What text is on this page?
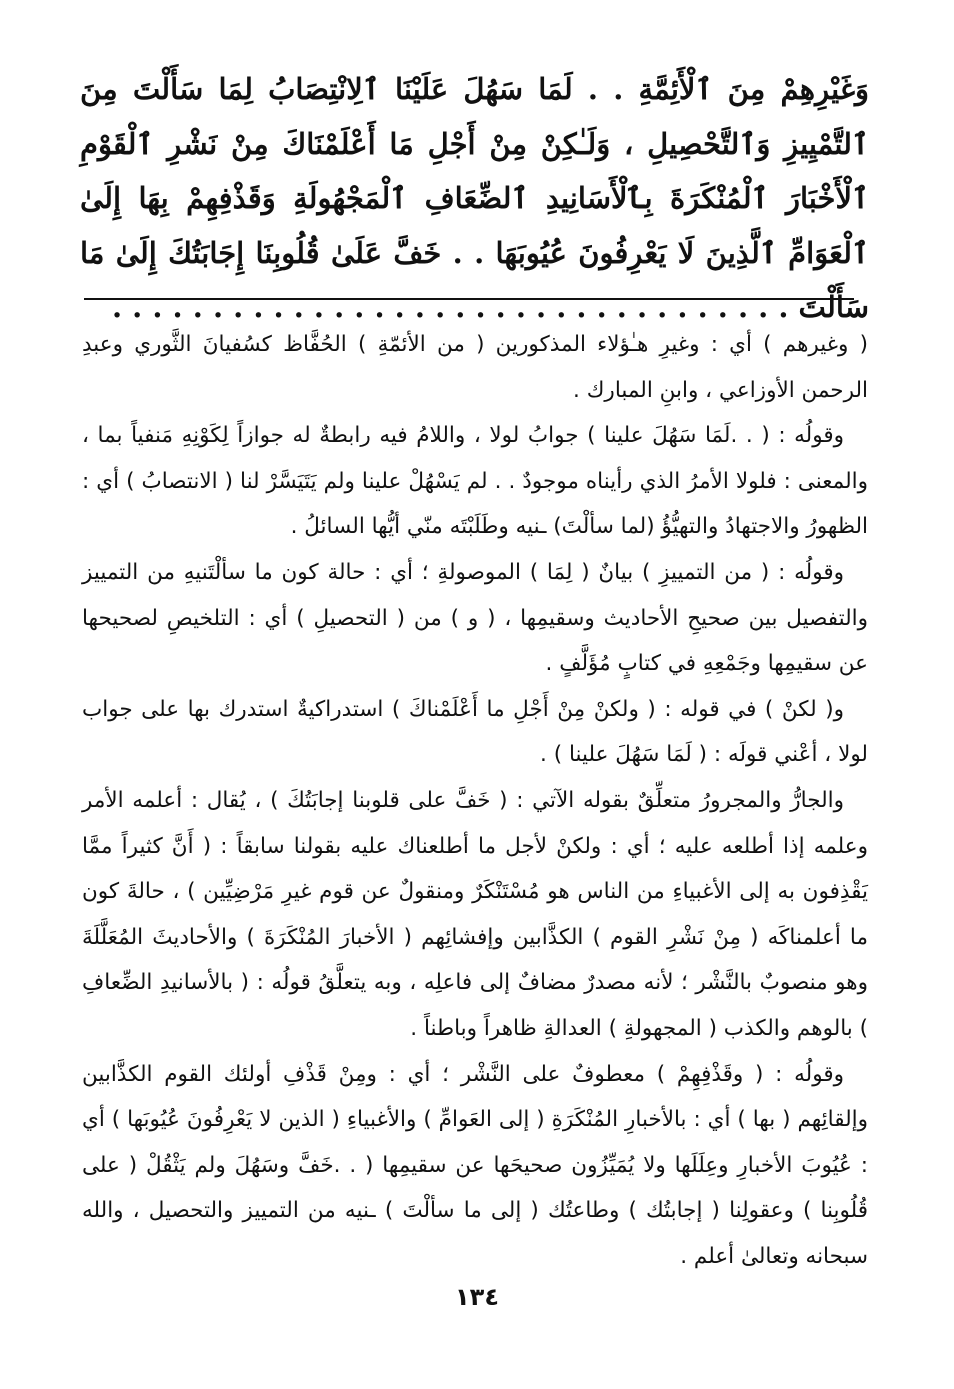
وَغَيْرِهِمْ مِنَ ٱلْأَئِمَّةِ . . لَمَا سَهُلَ عَلَيْنَا ٱلِانْتِصَابُ لِمَا سَأَلْتَ مِنَ ٱلتَّمْيِيزِ وَٱلتَّحْصِيلِ ، وَلَـٰكِنْ مِنْ أَجْلِ مَا أَعْلَمْنَاكَ مِنْ نَشْرِ ٱلْقَوْمِ ٱلْأَخْبَارَ ٱلْمُنْكَرَةَ بِٱلْأَسَانِيدِ ٱلضِّعَافِ ٱلْمَجْهُولَةِ وَقَذْفِهِمْ بِهَا إِلَىٰ ٱلْعَوَامِّ ٱلَّذِينَ لَا يَعْرِفُونَ عُيُوبَهَا . . خَفَّ عَلَىٰ قُلُوبِنَا إِجَابَتُكَ إِلَىٰ مَا سَأَلْتَ . . . . . . . . . . . . . . . . . . . . . . . . . . . . . . . . . .

( وغيرهم ) أي : وغيرِ هـٰؤلاء المذكورين ( من الأئمّةِ ) الحُفَّاظ كسُفيانَ الثَّوري وعبدِ الرحمن الأوزاعي ، وابنِ المبارك .

وقولُه : ( . .لَمَا سَهُلَ علينا ) جوابُ لولا ، واللامُ فيه رابطةٌ له جوازاً لِكَوْنِهِ مَنفياً بما ، والمعنى : فلولا الأمرُ الذي رأيناه موجودٌ . . لم يَسْهُلْ علينا ولم يَتَيَسَّرْ لنا ( الانتصابُ ) أي : الظهورُ والاجتهادُ والتهيُّؤُ (لما سألْتَ) ـنيه وطَلَبْتَه منّي أيُّها السائلُ .

وقولُه : ( من التمييزِ ) بيانٌ ( لِمَا ) الموصولةِ ؛ أي : حالة كون ما سألْتَنيهِ من التمييز والتفصيل بين صحيحِ الأحاديث وسقيمِها ، ( و ) من ( التحصيلِ ) أي : التلخيصِ لصحيحها عن سقيمِها وجَمْعِهِ في كتابٍ مُؤَلَّفٍ .

و( لكنْ ) في قوله : ( ولكنْ مِنْ أَجْلِ ما أَعْلَمْناكَ ) استدراكيةٌ استدرك بها على جواب لولا ، أعْني قولَه : ( لَمَا سَهُلَ علينا ) .

والجارُّ والمجرورُ متعلِّقٌ بقوله الآتي : ( خَفَّ على قلوبنا إجابَتُكَ ) ، يُقال : أعلمه الأمر وعلمه إذا أطلعه عليه ؛ أي : ولكنْ لأجل ما أطلعناك عليه بقولنا سابقاً : ( أَنَّ كثيراً ممَّا يَقْذِفون به إلى الأغبياءِ من الناس هو مُسْتَنْكَرٌ ومنقولٌ عن قوم غيرِ مَرْضِيِّين ) ، حالةَ كون ما أعلمناكَه ( مِنْ نَشْرِ القوم ) الكذَّابين وإفشائِهم ( الأخبارَ المُنْكَرَةَ ) والأحاديثَ المُعَلَّلَةَ وهو منصوبٌ بالنَّشْر ؛ لأنه مصدرٌ مضافٌ إلى فاعلِه ، وبه يتعلَّقُ قولُه : ( بالأسانيدِ الضِّعافِ ) بالوهم والكذب ( المجهولةِ ) العدالةِ ظاهراً وباطناً .

وقولُه : ( وقَذْفِهِمْ ) معطوفٌ على النَّشْر ؛ أي : ومِنْ قَذْفِ أولئك القوم الكذَّابين وإلقائِهم ( بها ) أي : بالأخبارِ المُنْكَرَةِ ( إلى العَوامِّ ) والأغبياءِ ( الذين لا يَعْرِفُونَ عُيُوبَها ) أي : عُيُوبَ الأخبارِ وعِلَلَها ولا يُمَيِّزُون صحيحَها عن سقيمِها ( . .خَفَّ وسَهُلَ ولم يَثْقُلْ ( على قُلُوبِنا ) وعقولِنا ( إجابتُك ) وطاعتُك ( إلى ما سألْتَ ) ـنيه من التمييز والتحصيل ، والله سبحانه وتعالىٰ أعلم .

١٣٤
